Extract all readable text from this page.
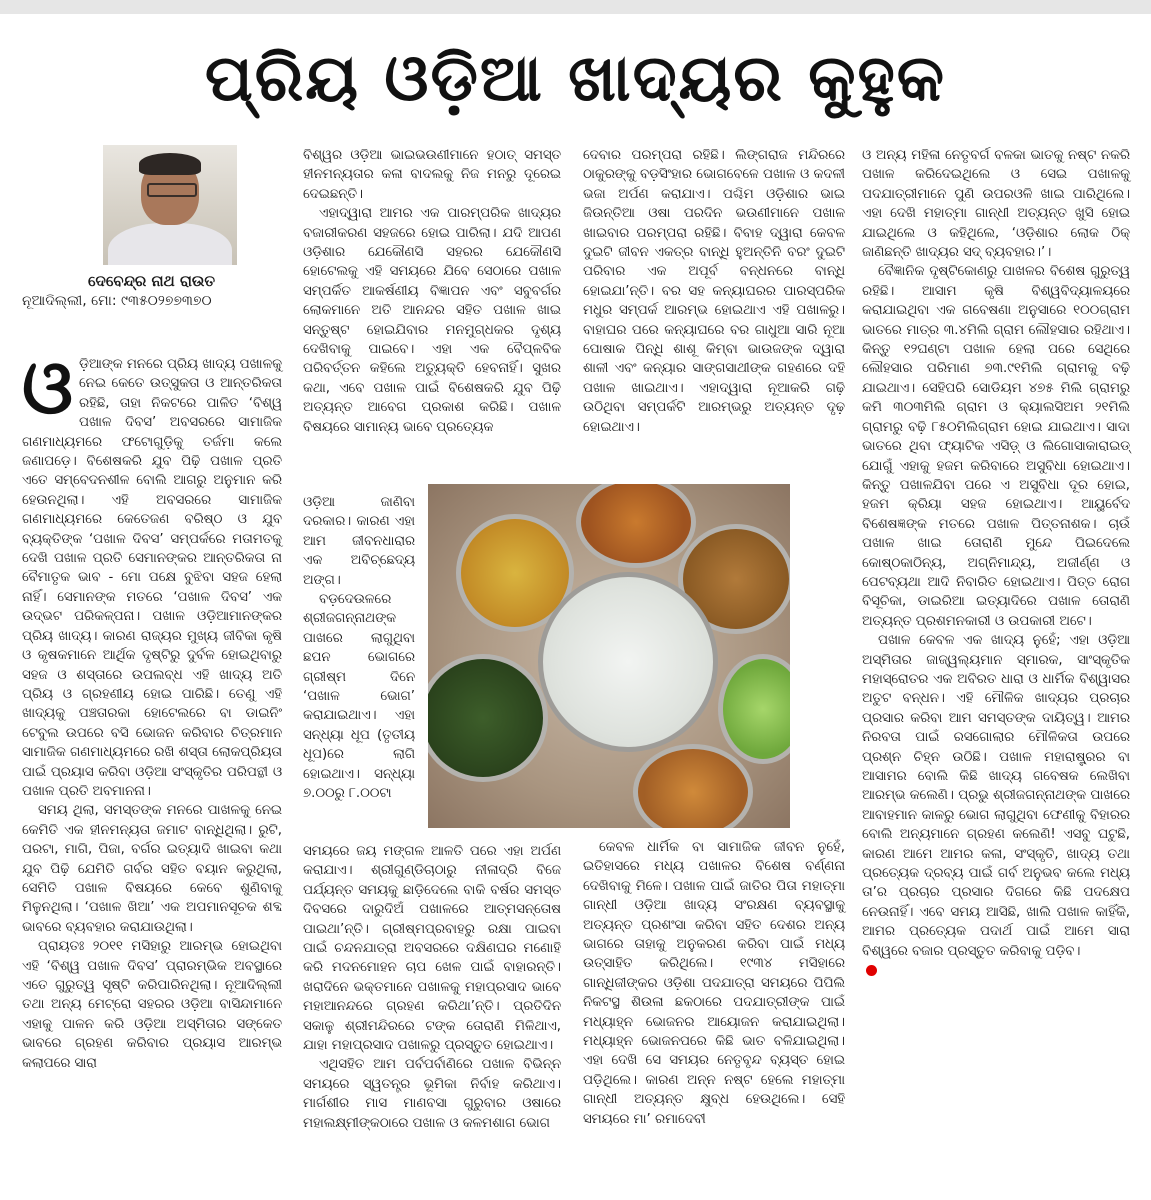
ପ୍ରିୟ ଓଡ଼ିଆ ଖାଦ୍ୟର କୁହୁକ
ଦେବେନ୍ଦ୍ର ନାଥ ରାଉତ
ନୂଆଦିଲ୍ଲୀ, ମୋ: ୯୩୫୦୨୭୭୩୭୦
ଓ ଡ଼ିଆଙ୍କ ମନରେ ପ୍ରିୟ ଖାଦ୍ୟ ପଖାଳକୁ ନେଇ କେତେ ଉତ୍ସୁକତା ଓ ଆନ୍ତରିକତା ରହିଛି, ତାହା ନିକଟରେ ପାଳିତ ‘ବିଶ୍ୱ ପଖାଳ ଦିବସ’ ଅବସରରେ ସାମାଜିକ ଗଣମାଧ୍ୟମରେ ଫଟୋଗୁଡ଼ିକୁ ତର୍ଜମା କଲେ ଜଣାପଡ଼େ। ବିଶେଷକରି ଯୁବ ପିଢ଼ି ପଖାଳ ପ୍ରତି ଏତେ ସମ୍ବେଦନଶୀଳ ବୋଲି ଆଗରୁ ଅନୁମାନ କରି ହେଉନଥିଲା। ଏହି ଅବସରରେ ସାମାଜିକ ଗଣମାଧ୍ୟମରେ କେତେଜଣ ବରିଷ୍ଠ ଓ ଯୁବ ବ୍ୟକ୍ତିଙ୍କ ‘ପଖାଳ ଦିବସ’ ସମ୍ପର୍କରେ ମତାମତକୁ ଦେଖି ପଖାଳ ପ୍ରତି ସେମାନଙ୍କର ଆନ୍ତରିକତା ନା ବୈମାତୃକ ଭାବ - ମୋ ପକ୍ଷେ ବୁଝିବା ସହଜ ହେଲା ନାହିଁ। ସେମାନଙ୍କ ମତରେ ‘ପଖାଳ ଦିବସ’ ଏକ ଉଦ୍ଭଟ ପରିକଳ୍ପନା। ପଖାଳ ଓଡ଼ିଆମାନଙ୍କର ପ୍ରିୟ ଖାଦ୍ୟ। କାରଣ ରାଜ୍ୟର ମୁଖ୍ୟ ଜୀବିକା କୃଷି ଓ କୃଷକମାନେ ଆର୍ଥିକ ଦୃଷ୍ଟିରୁ ଦୁର୍ବଳ ହୋଇଥିବାରୁ ସହଜ ଓ ଶସ୍ତାରେ ଉପଲବ୍ଧ ଏହି ଖାଦ୍ୟ ଅତି ପ୍ରିୟ ଓ ଗ୍ରହଣୀୟ ହୋଇ ପାରିଛି। ତେଣୁ ଏହି ଖାଦ୍ୟକୁ ପଞ୍ଚତାରକା ହୋଟେଲରେ ବା ଡାଇନିଂ ଟେବୁଲ ଉପରେ ବସି ଭୋଜନ କରିବାର ଚିତ୍ରମାନ ସାମାଜିକ ଗଣମାଧ୍ୟମରେ ରଖି ଶସ୍ତା ଲୋକପ୍ରିୟତା ପାଇଁ ପ୍ରୟାସ କରିବା ଓଡ଼ିଆ ସଂସ୍କୃତିର ପରିପନ୍ଥୀ ଓ ପଖାଳ ପ୍ରତି ଅବମାନନା।

ସମୟ ଥିଲା, ସମସ୍ତଙ୍କ ମନରେ ପାଖଳକୁ ନେଇ କେମିତି ଏକ ହୀନମନ୍ୟତା ଜମାଟ ବାନ୍ଧିଥିଲା। ରୁଟି, ପରଟା, ମାଗି, ପିଜା, ବର୍ଗର ଇତ୍ୟାଦି ଖାଇବା କଥା ଯୁବ ପିଢ଼ି ଯେମିତି ଗର୍ବର ସହିତ ବୟାନ କରୁଥିଲା, ସେମିତି ପଖାଳ ବିଷୟରେ କେବେ ଶୁଣିବାକୁ ମିଳୁନଥିଲା। ‘ପଖାଳ ଖିଆ’ ଏକ ଅପମାନସୂଚକ ଶବ୍ଦ ଭାବରେ ବ୍ୟବହାର କରାଯାଉଥିଲା।

ପ୍ରାୟତଃ ୨୦୧୧ ମସିହାରୁ ଆରମ୍ଭ ହୋଇଥିବା ଏହି ‘ବିଶ୍ୱ ପଖାଳ ଦିବସ’ ପ୍ରାରମ୍ଭିକ ଅବସ୍ଥାରେ ଏତେ ଗୁରୁତ୍ୱ ସୃଷ୍ଟି କରିପାରିନଥିଲା। ନୂଆଦିଲ୍ଲୀ ତଥା ଅନ୍ୟ ମେଟ୍ରୋ ସହରର ଓଡ଼ିଆ ବାସିନ୍ଦାମାନେ ଏହାକୁ ପାଳନ କରି ଓଡ଼ିଆ ଅସ୍ମିତାର ସଙ୍କେତ ଭାବରେ ଗ୍ରହଣ କରିବାର ପ୍ରୟାସ ଆରମ୍ଭ କଲାପରେ ସାରା

ବିଶ୍ୱର ଓଡ଼ିଆ ଭାଇଭଉଣୀମାନେ ହଠାତ୍ ସମସ୍ତ ହୀନମନ୍ୟତାର କଳା ବାଦଲକୁ ନିଜ ମନରୁ ଦୂରେଇ ଦେଇଛନ୍ତି।

ଏହାଦ୍ୱାରା ଆମର ଏକ ପାରମ୍ପରିକ ଖାଦ୍ୟର ବଜାରୀକରଣ ସହଜରେ ହୋଇ ପାରିଲା। ଯଦି ଆପଣ ଓଡ଼ିଶାର ଯେକୌଣସି ସହରର ଯେକୌଣସି ହୋଟେଲକୁ ଏହି ସମୟରେ ଯିବେ ସେଠାରେ ପଖାଳ ସମ୍ପର୍କିତ ଆକର୍ଷଣୀୟ ବିଜ୍ଞାପନ ଏବଂ ସବୁବର୍ଗର ଲୋକମାନେ ଅତି ଆନନ୍ଦର ସହିତ ପଖାଳ ଖାଇ ସନ୍ତୁଷ୍ଟ ହୋଇଯିବାର ମନମୁଗ୍ଧକର ଦୃଶ୍ୟ ଦେଖିବାକୁ ପାଇବେ। ଏହା ଏକ ବୈପ୍ଳବିକ ପରିବର୍ତ୍ତନ କହିଲେ ଅତ୍ୟୁକ୍ତି ହେବନାହିଁ। ସୁଖର କଥା, ଏବେ ପଖାଳ ପାଇଁ ବିଶେଷକରି ଯୁବ ପିଢ଼ି ଅତ୍ୟନ୍ତ ଆବେଗ ପ୍ରକାଶ କରିଛି। ପଖାଳ ବିଷୟରେ ସାମାନ୍ୟ ଭାବେ ପ୍ରତ୍ୟେକ

ଓଡ଼ିଆ ଜାଣିବା ଦରକାର। କାରଣ ଏହା ଆମ ଜୀବନଧାରାର ଏକ ଅବିଚ୍ଛେଦ୍ୟ ଅଙ୍ଗ।

ବଡ଼ଦେଉଳରେ ଶ୍ରୀଜଗନ୍ନାଥଙ୍କ ପାଖରେ ଲାଗୁଥିବା ଛପନ ଭୋଗରେ ଗ୍ରୀଷ୍ମ ଦିନେ ‘ପଖାଳ ଭୋଗ’ କରାଯାଇଥାଏ। ଏହା ସନ୍ଧ୍ୟା ଧୂପ (ତୃତୀୟ ଧୂପ)ରେ ଲାଗି ହୋଇଥାଏ। ସନ୍ଧ୍ୟା ୭.୦୦ରୁ ୮.୦୦ଟା

ସମୟରେ ଜୟ ମଙ୍ଗଳ ଆଳତି ପରେ ଏହା ଅର୍ପଣ କରାଯାଏ। ଶ୍ରୀଗୁଣ୍ଡିଚାଠାରୁ ନୀଳାଦ୍ରି ବିଜେ ପର୍ଯ୍ୟନ୍ତ ସମୟକୁ ଛାଡ଼ିଦେଲେ ବାକି ବର୍ଷର ସମସ୍ତ ଦିବସରେ ଦାରୁଦିଅଁ ପଖାଳରେ ଆତ୍ମସନ୍ତୋଷ ପାଇଥା’ନ୍ତି। ଗ୍ରୀଷ୍ମପ୍ରବାହରୁ ରକ୍ଷା ପାଇବା ପାଇଁ ଚନ୍ଦନଯାତ୍ରା ଅବସରରେ ଦକ୍ଷିଣଘର ମଣୋହି କରି ମଦନମୋହନ ଚାପ ଖେଳ ପାଇଁ ବାହାରନ୍ତି। ଖରାଦିନେ ଭକ୍ତମାନେ ପଖାଳକୁ ମହାପ୍ରସାଦ ଭାବେ ମହାଆନନ୍ଦରେ ଗ୍ରହଣ କରିଥା’ନ୍ତି। ପ୍ରତିଦିନ ସକାଳୁ ଶ୍ରୀମନ୍ଦିରରେ ଟଙ୍କ ତୋରାଣି ମିଳିଥାଏ, ଯାହା ମହାପ୍ରସାଦ ପଖାଳରୁ ପ୍ରସ୍ତୁତ ହୋଇଥାଏ।

ଏଥିସହିତ ଆମ ପର୍ବପର୍ବାଣିରେ ପଖାଳ ବିଭିନ୍ନ ସମୟରେ ସ୍ୱତନ୍ତ୍ର ଭୂମିକା ନିର୍ବାହ କରିଥାଏ। ମାର୍ଗଶୀର ମାସ ମାଣବସା ଗୁରୁବାର ଓଷାରେ ମହାଲକ୍ଷ୍ମୀଙ୍କଠାରେ ପଖାଳ ଓ କଳମଶାଗ ଭୋଗ

ଦେବାର ପରମ୍ପରା ରହିଛି। ଲିଙ୍ଗରାଜ ମନ୍ଦିରରେ ଠାକୁରଙ୍କୁ ବଡ଼ସିଂହାର ଭୋଗବେଳେ ପଖାଳ ଓ କଦଳୀ ଭଜା ଅର୍ପଣ କରାଯାଏ। ପଶ୍ଚିମ ଓଡ଼ିଶାର ଭାଇ ଜିଉନ୍ତିଆ ଓଷା ପରଦିନ ଭଉଣୀମାନେ ପଖାଳ ଖାଇବାର ପରମ୍ପରା ରହିଛି। ବିବାହ ଦ୍ୱାରା କେବଳ ଦୁଇଟି ଜୀବନ ଏକତ୍ର ବାନ୍ଧି ହୁଅନ୍ତିନି ବରଂ ଦୁଇଟି ପରିବାର ଏକ ଅପୂର୍ବ ବନ୍ଧନରେ ବାନ୍ଧି ହୋଇଯା’ନ୍ତି। ବର ସହ କନ୍ୟାଘରର ପାରସ୍ପରିକ ମଧୁର ସମ୍ପର୍କ ଆରମ୍ଭ ହୋଇଥାଏ ଏହି ପଖାଳରୁ। ବାହାଘର ପରେ କନ୍ୟାଘରେ ବର ଗାଧୁଆ ସାରି ନୂଆ ପୋଷାକ ପିନ୍ଧି ଶାଶୂ କିମ୍ବା ଭାଉଜଙ୍କ ଦ୍ୱାରା ଶାଳୀ ଏବଂ କନ୍ୟାର ସାଙ୍ଗସାଥୀଙ୍କ ଗହଣରେ ଦହି ପଖାଳ ଖାଇଥାଏ। ଏହାଦ୍ୱାରା ନୂଆକରି ଗଢ଼ି ଉଠିଥିବା ସମ୍ପର୍କଟି ଆରମ୍ଭରୁ ଅତ୍ୟନ୍ତ ଦୃଢ଼ ହୋଇଥାଏ।

କେବଳ ଧାର୍ମିକ ବା ସାମାଜିକ ଜୀବନ ନୁହେଁ, ଇତିହାସରେ ମଧ୍ୟ ପଖାଳର ବିଶେଷ ବର୍ଣ୍ଣନା ଦେଖିବାକୁ ମିଳେ। ପଖାଳ ପାଇଁ ଜାତିର ପିତା ମହାତ୍ମା ଗାନ୍ଧୀ ଓଡ଼ିଆ ଖାଦ୍ୟ ସଂରକ୍ଷଣ ବ୍ୟବସ୍ଥାକୁ ଅତ୍ୟନ୍ତ ପ୍ରଶଂସା କରିବା ସହିତ ଦେଶର ଅନ୍ୟ ଭାଗରେ ତାହାକୁ ଅନୁକରଣ କରିବା ପାଇଁ ମଧ୍ୟ ଉତ୍ସାହିତ କରିଥିଲେ। ୧୯୩୪ ମସିହାରେ ଗାନ୍ଧିଜୀଙ୍କର ଓଡ଼ିଶା ପଦଯାତ୍ରା ସମୟରେ ପିପିଲି ନିକଟସ୍ଥ ଶିଉଳା ଛକଠାରେ ପଦଯାତ୍ରୀଙ୍କ ପାଇଁ ମଧ୍ୟାହ୍ନ ଭୋଜନର ଆୟୋଜନ କରାଯାଇଥିଲା। ମଧ୍ୟାହ୍ନ ଭୋଜନପରେ କିଛି ଭାତ ବଳିଯାଇଥିଲା। ଏହା ଦେଖି ସେ ସମୟର ନେତୃବୃନ୍ଦ ବ୍ୟସ୍ତ ହୋଇ ପଡ଼ିଥିଲେ। କାରଣ ଅନ୍ନ ନଷ୍ଟ ହେଲେ ମହାତ୍ମା ଗାନ୍ଧୀ ଅତ୍ୟନ୍ତ କ୍ଷୁବ୍ଧ ହେଉଥିଲେ। ସେହି ସମୟରେ ମା’ ରମାଦେବୀ

ଓ ଅନ୍ୟ ମହିଳା ନେତୃବର୍ଗ ବଳକା ଭାତକୁ ନଷ୍ଟ ନକରି ପଖାଳ କରିଦେଇଥିଲେ ଓ ସେଇ ପଖାଳକୁ ପଦଯାତ୍ରୀମାନେ ପୁଣି ଉପରଓଳି ଖାଇ ପାରିଥିଲେ। ଏହା ଦେଖି ମହାତ୍ମା ଗାନ୍ଧୀ ଅତ୍ୟନ୍ତ ଖୁସି ହୋଇ ଯାଇଥିଲେ ଓ କହିଥିଲେ, ‘ଓଡ଼ିଶାର ଲୋକ ଠିକ୍ ଜାଣିଛନ୍ତି ଖାଦ୍ୟର ସଦ୍ ବ୍ୟବହାର।’।

ବୈଜ୍ଞାନିକ ଦୃଷ୍ଟିକୋଣରୁ ପାଖଳର ବିଶେଷ ଗୁରୁତ୍ୱ ରହିଛି। ଆସାମ କୃଷି ବିଶ୍ୱବିଦ୍ୟାଳୟରେ କରାଯାଇଥିବା ଏକ ଗବେଷଣା ଅନୁସାରେ ୧୦୦ଗ୍ରାମ ଭାତରେ ମାତ୍ର ୩.୪ମିଲି ଗ୍ରାମ ଲୌହସାର ରହିଥାଏ। କିନ୍ତୁ ୧୨ଘଣ୍ଟା ପଖାଳ ହେଲା ପରେ ସେଥିରେ ଲୌହସାର ପରିମାଣ ୭୩.୯୧ମିଲି ଗ୍ରାମକୁ ବଢ଼ି ଯାଇଥାଏ। ସେହିପରି ସୋଡିୟମ ୪୭୫ ମିଲି ଗ୍ରାମରୁ କମି ୩୦୩ମିଲି ଗ୍ରାମ ଓ କ୍ୟାଲସିଅମ ୨୧ମିଲି ଗ୍ରାମରୁ ବଢ଼ି ୮୫୦ମିଲିଗ୍ରାମ ହୋଇ ଯାଇଥାଏ। ସାଦା ଭାତରେ ଥିବା ଫ୍ୟାଟିକ ଏସିଡ଼୍ ଓ ଲିଗୋସାକାରାଇଡ୍ ଯୋଗୁଁ ଏହାକୁ ହଜମ କରିବାରେ ଅସୁବିଧା ହୋଇଥାଏ। କିନ୍ତୁ ପଖାଳଯିବା ପରେ ଏ ଅସୁବିଧା ଦୂର ହୋଇ, ହଜମ କ୍ରିୟା ସହଜ ହୋଇଥାଏ। ଆୟୁର୍ବେଦ ବିଶେଷଜ୍ଞଙ୍କ ମତରେ ପଖାଳ ପିତ୍ତନାଶକ। ଚାଉଁ ପଖାଳ ଖାଇ ତୋରାଣି ମୁନ୍ଦେ ପିଇଦେଲେ କୋଷ୍ଠକାଠିନ୍ୟ, ଅଗ୍ନିମାନ୍ଦ୍ୟ, ଅଜୀର୍ଣ୍ଣ ଓ ପେଟବ୍ୟଥା ଆଦି ନିବାରିତ ହୋଇଥାଏ। ପିତ୍ତ ରୋଗ ବିସୂଚିକା, ଡାଇରିଆ ଇତ୍ୟାଦିରେ ପଖାଳ ତୋରାଣି ଅତ୍ୟନ୍ତ ପ୍ରଶମନକାରୀ ଓ ଉପକାରୀ ଅଟେ।

ପଖାଳ କେବଳ ଏକ ଖାଦ୍ୟ ନୁହେଁ; ଏହା ଓଡ଼ିଆ ଅସ୍ମିତାର ଜାଜ୍ୱଲ୍ୟମାନ ସ୍ମାରକ, ସାଂସ୍କୃତିକ ମହାସ୍ରୋତର ଏକ ଅବିରତ ଧାରା ଓ ଧାର୍ମିକ ବିଶ୍ୱାସର ଅତୁଟ ବନ୍ଧନ। ଏହି ମୌଳିକ ଖାଦ୍ୟର ପ୍ରଚାର ପ୍ରସାର କରିବା ଆମ ସମସ୍ତଙ୍କ ଦାୟିତ୍ୱ। ଆମର ନିରବତା ପାଇଁ ରସଗୋଲାର ମୌଳିକତା ଉପରେ ପ୍ରଶ୍ନ ଚିହ୍ନ ଉଠିଛି। ପଖାଳ ମହାରାଷ୍ଟ୍ରର ବା ଆସାମର ବୋଲି କିଛି ଖାଦ୍ୟ ଗବେଷକ ଲେଖିବା ଆରମ୍ଭ କଲେଣି। ପ୍ରଭୁ ଶ୍ରୀଜଗନ୍ନାଥଙ୍କ ପାଖରେ ଆବାହମାନ କାଳରୁ ଭୋଗ ଲାଗୁଥିବା ଫେଣୀକୁ ବିହାରର ବୋଲି ଅନ୍ୟମାନେ ଗ୍ରହଣ କଲେଣି! ଏସବୁ ଘଟୁଛି, କାରଣ ଆମେ ଆମର କଳା, ସଂସ୍କୃତି, ଖାଦ୍ୟ ତଥା ପ୍ରତ୍ୟେକ ଦ୍ରବ୍ୟ ପାଇଁ ଗର୍ବ ଅନୁଭବ କଲେ ମଧ୍ୟ ତା’ର ପ୍ରଚାର ପ୍ରସାର ଦିଗରେ କିଛି ପଦକ୍ଷେପ ନେଉନାହିଁ। ଏବେ ସମୟ ଆସିଛି, ଖାଲି ପଖାଳ କାହିଁକି, ଆମର ପ୍ରତ୍ୟେକ ପଦାର୍ଥ ପାଇଁ ଆମେ ସାରା ବିଶ୍ୱରେ ବଜାର ପ୍ରସ୍ତୁତ କରିବାକୁ ପଡ଼ିବ।
